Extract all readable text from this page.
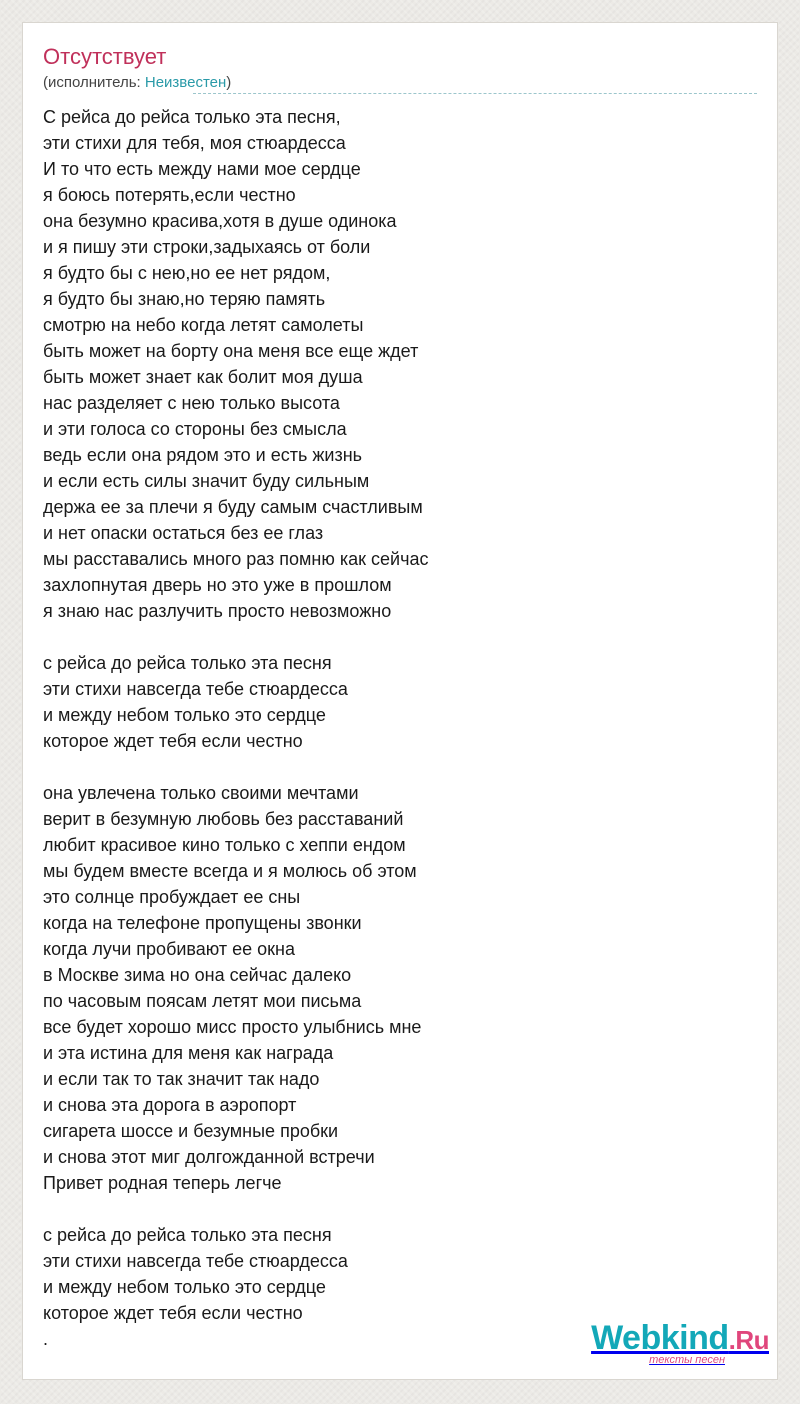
Отсутствует
(исполнитель: Неизвестен)
С рейса до рейса только эта песня,
эти стихи для тебя, моя стюардесса
И то что есть между нами мое сердце
я боюсь потерять,если честно
она безумно красива,хотя в душе одинока
и я пишу эти строки,задыхаясь от боли
я будто бы с нею,но ее нет рядом,
я будто бы знаю,но теряю память
смотрю на небо когда летят самолеты
быть может на борту она меня все еще ждет
быть может знает как болит моя душа
нас разделяет с нею только высота
и эти голоса со стороны без смысла
ведь если она рядом это и есть жизнь
и если есть силы значит буду сильным
держа ее за плечи я буду самым счастливым
и нет опаски остаться без ее глаз
мы расставались много раз помню как сейчас
захлопнутая дверь но это уже в прошлом
я знаю нас разлучить просто невозможно
с рейса до рейса только эта песня
эти стихи навсегда тебе стюардесса
и между небом только это сердце
которое ждет тебя если честно
она увлечена только своими мечтами
верит в безумную любовь без расставаний
любит красивое кино только с хеппи ендом
мы будем вместе всегда и я молюсь об этом
это солнце пробуждает ее сны
когда на телефоне пропущены звонки
когда лучи пробивают ее окна
в Москве зима но она сейчас далеко
по часовым поясам летят мои письма
все будет хорошо мисс просто улыбнись мне
и эта истина для меня как награда
и если так то так значит так надо
и снова эта дорога в аэропорт
сигарета шоссе и безумные пробки
и снова этот миг долгожданной встречи
Привет родная теперь легче
с рейса до рейса только эта песня
эти стихи навсегда тебе стюардесса
и между небом только это сердце
которое ждет тебя если честно
.	Webkind.Ru
тексты песен
